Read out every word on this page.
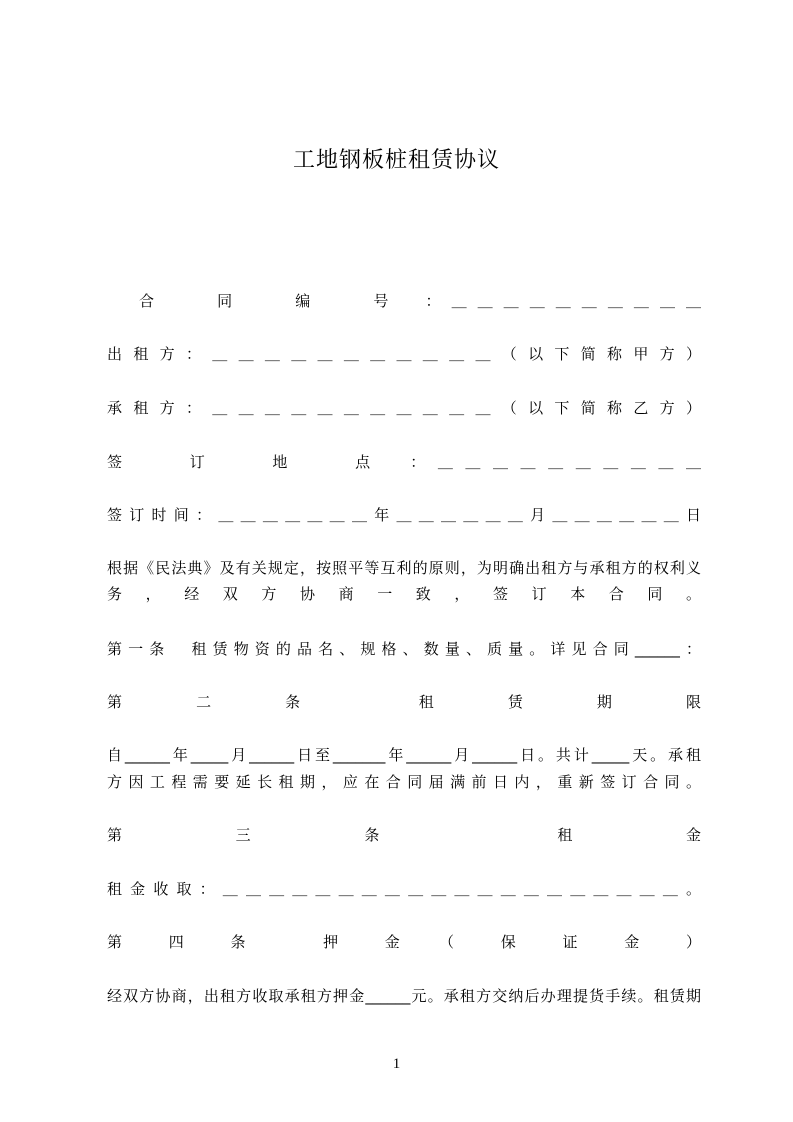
工地钢板桩租赁协议
合　　同　　编　　号　：＿＿＿＿＿＿＿＿＿＿
出租方：＿＿＿＿＿＿＿＿＿＿＿（以下简称甲方）
承租方：＿＿＿＿＿＿＿＿＿＿＿（以下简称乙方）
签　　订　　地　　点　：＿＿＿＿＿＿＿＿＿＿
签订时间：＿＿＿＿＿＿＿年＿＿＿＿＿＿月＿＿＿＿＿＿日
根据《民法典》及有关规定，按照平等互利的原则，为明确出租方与承租方的权利义
务，经双方协商一致，签订本合同。
第一条　租赁物资的品名、规格、数量、质量。详见合同______：
第　二　条　　租　赁　期　限
自______年_____月______日至_______年______月______日。共计_____天。承租
方因工程需要延长租期，应在合同届满前日内，重新签订合同。
第　三　条　　租　金
租金收取：＿＿＿＿＿＿＿＿＿＿＿＿＿＿＿＿＿＿＿＿。
第　四　条　　押　金　（　保　证　金　）
经双方协商，出租方收取承租方押金______元。承租方交纳后办理提货手续。租赁期
1
